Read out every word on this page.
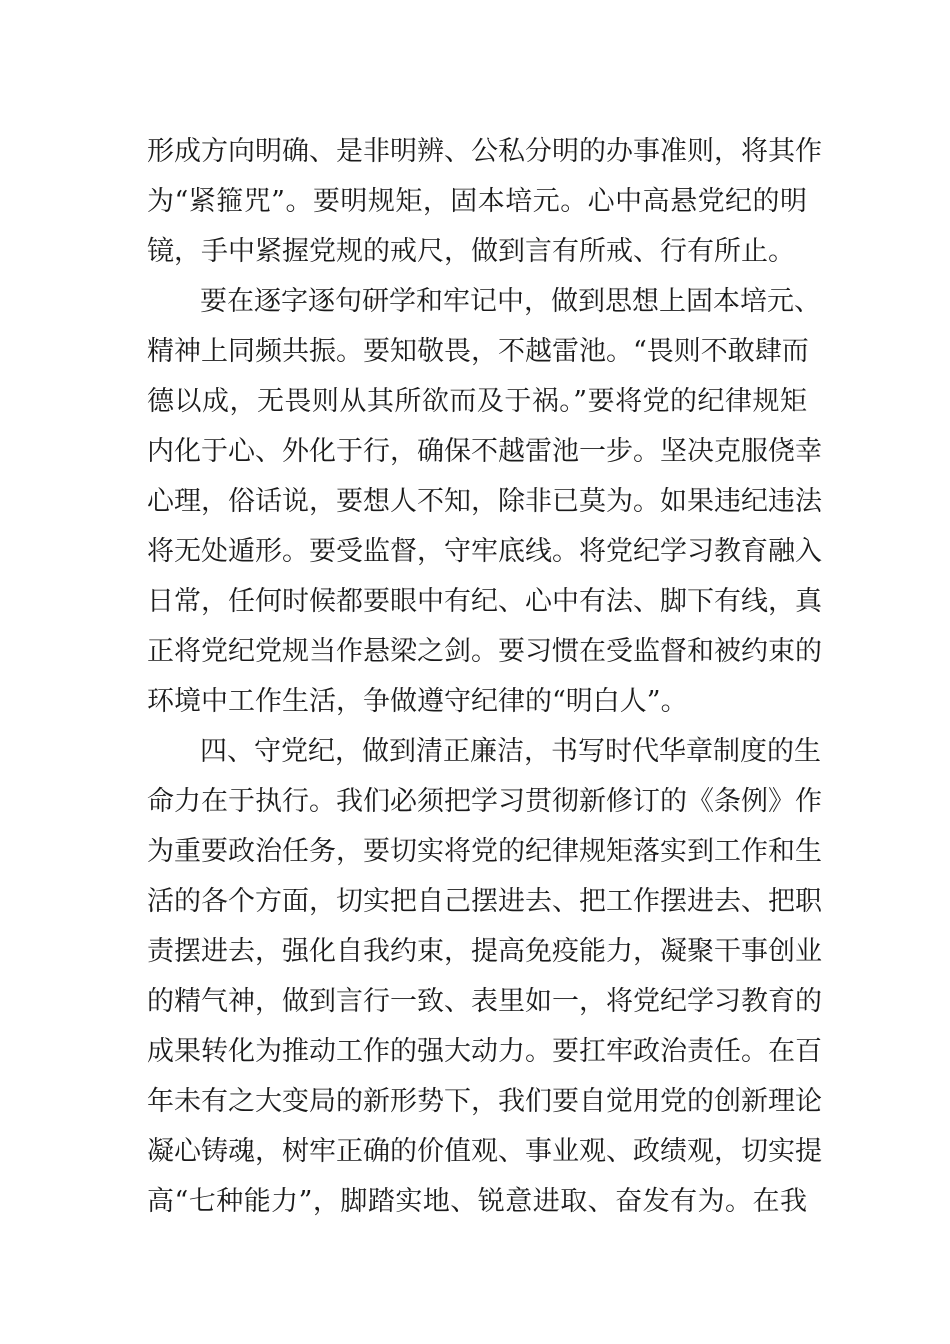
形成方向明确、是非明辨、公私分明的办事准则，将其作
为“紧箍咒”。要明规矩，固本培元。心中高悬党纪的明
镜，手中紧握党规的戒尺，做到言有所戒、行有所止。
要在逐字逐句研学和牢记中，做到思想上固本培元、
精神上同频共振。要知敬畏，不越雷池。“畏则不敢肆而
德以成，无畏则从其所欲而及于祸。”要将党的纪律规矩
内化于心、外化于行，确保不越雷池一步。坚决克服侥幸
心理，俗话说，要想人不知，除非已莫为。如果违纪违法
将无处遁形。要受监督，守牢底线。将党纪学习教育融入
日常，任何时候都要眼中有纪、心中有法、脚下有线，真
正将党纪党规当作悬梁之剑。要习惯在受监督和被约束的
环境中工作生活，争做遵守纪律的“明白人”。
四、守党纪，做到清正廉洁，书写时代华章制度的生
命力在于执行。我们必须把学习贯彻新修订的《条例》作
为重要政治任务，要切实将党的纪律规矩落实到工作和生
活的各个方面，切实把自己摆进去、把工作摆进去、把职
责摆进去，强化自我约束，提高免疫能力，凝聚干事创业
的精气神，做到言行一致、表里如一，将党纪学习教育的
成果转化为推动工作的强大动力。要扛牢政治责任。在百
年未有之大变局的新形势下，我们要自觉用党的创新理论
凝心铸魂，树牢正确的价值观、事业观、政绩观，切实提
高“七种能力”，脚踏实地、锐意进取、奋发有为。在我
